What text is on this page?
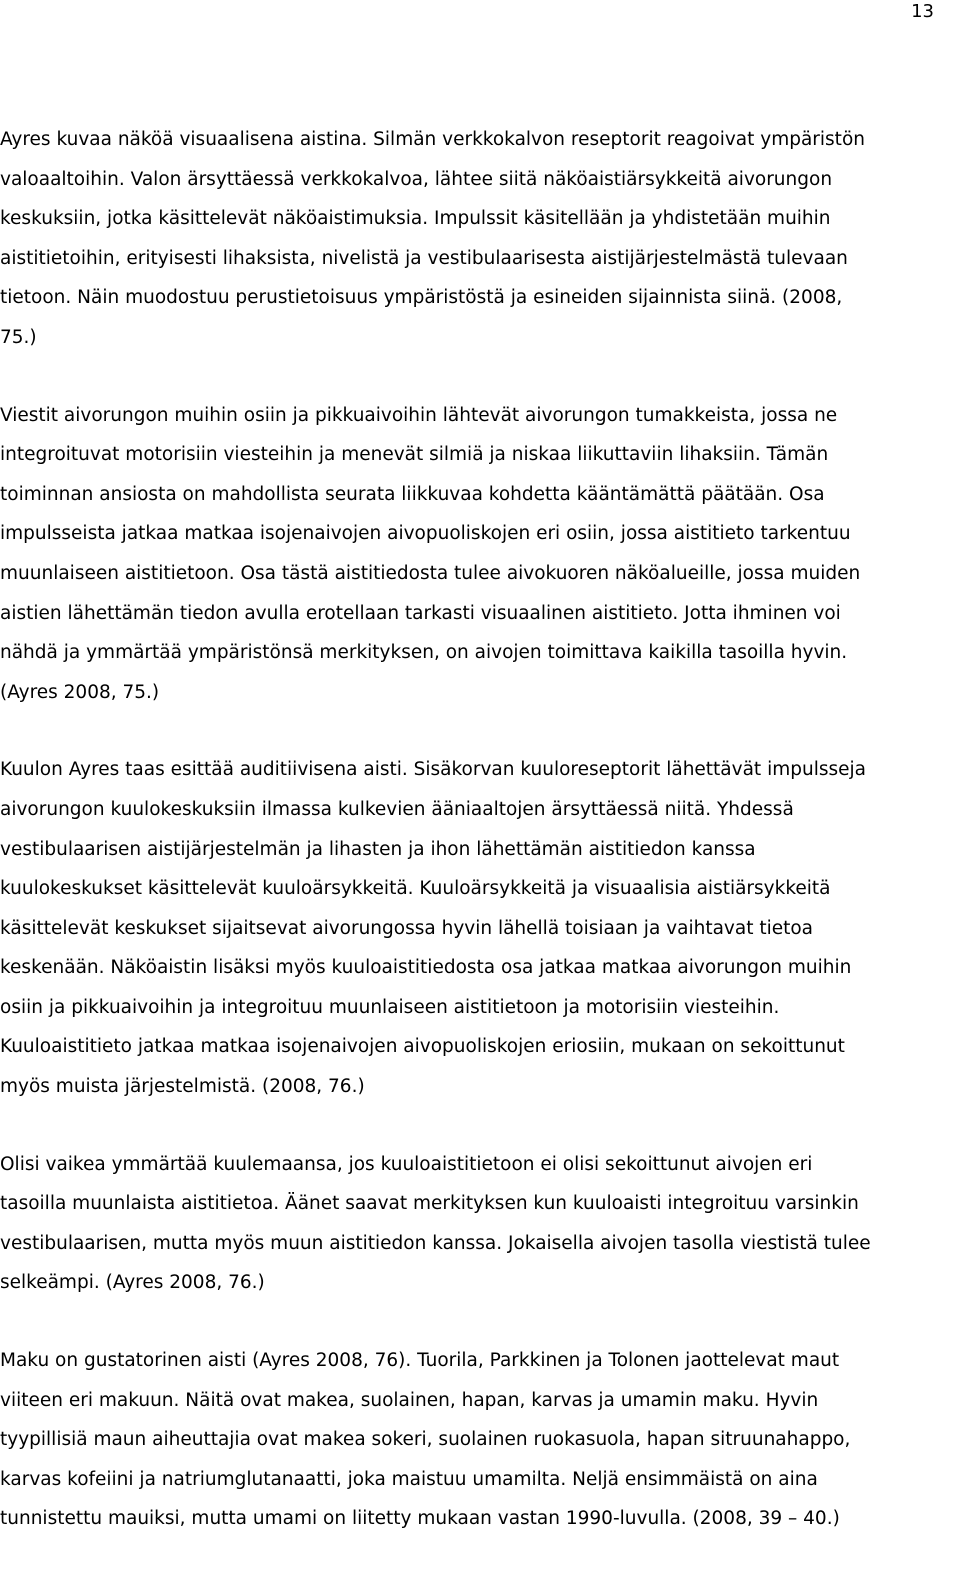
13

Ayres kuvaa näköä visuaalisena aistina. Silmän verkkokalvon reseptorit reagoivat ympäristön
valoaaltoihin. Valon ärsyttäessä verkkokalvoa, lähtee siitä näköaistiärsykkeitä aivorungon
keskuksiin, jotka käsittelevät näköaistimuksia. Impulssit käsitellään ja yhdistetään muihin
aistitietoihin, erityisesti lihaksista, nivelistä ja vestibulaarisesta aistijärjestelmästä tulevaan
tietoon. Näin muodostuu perustietoisuus ympäristöstä ja esineiden sijainnista siinä. (2008,
75.)

Viestit aivorungon muihin osiin ja pikkuaivoihin lähtevät aivorungon tumakkeista, jossa ne
integroituvat motorisiin viesteihin ja menevät silmiä ja niskaa liikuttaviin lihaksiin. Tämän
toiminnan ansiosta on mahdollista seurata liikkuvaa kohdetta kääntämättä päätään. Osa
impulsseista jatkaa matkaa isojenaivojen aivopuoliskojen eri osiin, jossa aistitieto tarkentuu
muunlaiseen aistitietoon. Osa tästä aistitiedosta tulee aivokuoren näköalueille, jossa muiden
aistien lähettämän tiedon avulla erotellaan tarkasti visuaalinen aistitieto. Jotta ihminen voi
nähdä ja ymmärtää ympäristönsä merkityksen, on aivojen toimittava kaikilla tasoilla hyvin.
(Ayres 2008, 75.)

Kuulon Ayres taas esittää auditiivisena aisti. Sisäkorvan kuuloreseptorit lähettävät impulsseja
aivorungon kuulokeskuksiin ilmassa kulkevien ääniaaltojen ärsyttäessä niitä. Yhdessä
vestibulaarisen aistijärjestelmän ja lihasten ja ihon lähettämän aistitiedon kanssa
kuulokeskukset käsittelevät kuuloärsykkeitä. Kuuloärsykkeitä ja visuaalisia aistiärsykkeitä
käsittelevät keskukset sijaitsevat aivorungossa hyvin lähellä toisiaan ja vaihtavat tietoa
keskenään. Näköaistin lisäksi myös kuuloaistitiedosta osa jatkaa matkaa aivorungon muihin
osiin ja pikkuaivoihin ja integroituu muunlaiseen aistitietoon ja motorisiin viesteihin.
Kuuloaistitieto jatkaa matkaa isojenaivojen aivopuoliskojen eriosiin, mukaan on sekoittunut
myös muista järjestelmistä. (2008, 76.)

Olisi vaikea ymmärtää kuulemaansa, jos kuuloaistitietoon ei olisi sekoittunut aivojen eri
tasoilla muunlaista aistitietoa. Äänet saavat merkityksen kun kuuloaisti integroituu varsinkin
vestibulaarisen, mutta myös muun aistitiedon kanssa. Jokaisella aivojen tasolla viestistä tulee
selkeämpi. (Ayres 2008, 76.)

Maku on gustatorinen aisti (Ayres 2008, 76). Tuorila, Parkkinen ja Tolonen jaottelevat maut
viiteen eri makuun. Näitä ovat makea, suolainen, hapan, karvas ja umamin maku. Hyvin
tyypillisiä maun aiheuttajia ovat makea sokeri, suolainen ruokasuola, hapan sitruunahappo,
karvas kofeiini ja natriumglutanaatti, joka maistuu umamilta. Neljä ensimmäistä on aina
tunnistettu mauiksi, mutta umami on liitetty mukaan vastan 1990-luvulla. (2008, 39 – 40.)
